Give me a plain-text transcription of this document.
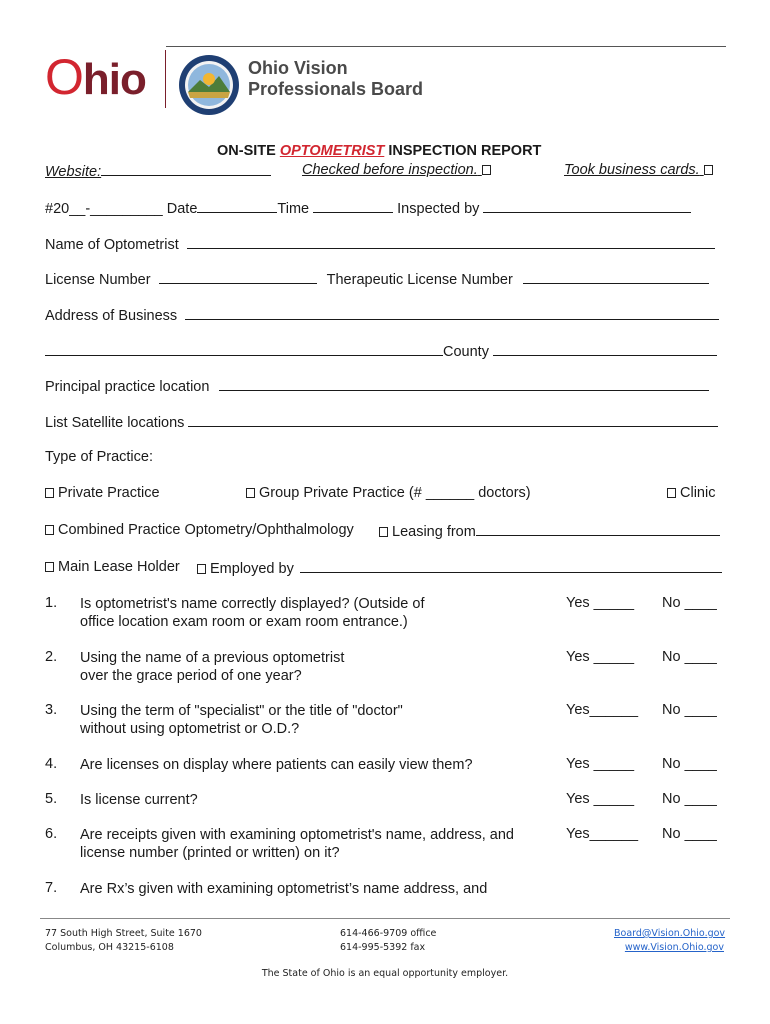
Ohio	Ohio Vision
Professionals Board
ON-SITE OPTOMETRIST INSPECTION REPORT
Website:	Checked before inspection.	Took business cards.
#20__-_________ Date	Time	Inspected by
Name of Optometrist
License Number	Therapeutic License Number
Address of Business
County
Principal practice location
List Satellite locations
Type of Practice:
Private Practice	Group Private Practice (# ______ doctors)	Clinic
Combined Practice Optometry/Ophthalmology	Leasing from
Main Lease Holder	Employed by
1. Is optometrist's name correctly displayed? (Outside of
office location exam room or exam room entrance.)
Yes _____ No ____
2. Using the name of a previous optometrist
over the grace period of one year?
Yes _____ No ____
3. Using the term of "specialist" or the title of "doctor"
without using optometrist or O.D.?
Yes______ No ____
4. Are licenses on display where patients can easily view them?	Yes _____ No ____
5. Is license current?	Yes _____ No ____
6. Are receipts given with examining optometrist's name, address, and
license number (printed or written) on it?
Yes______ No ____
7. Are Rx’s given with examining optometrist’s name address, and
77 South High Street, Suite 1670
Columbus, OH 43215-6108
614-466-9709 office
614-995-5392 fax
Board@Vision.Ohio.gov
www.Vision.Ohio.gov
The State of Ohio is an equal opportunity employer.
